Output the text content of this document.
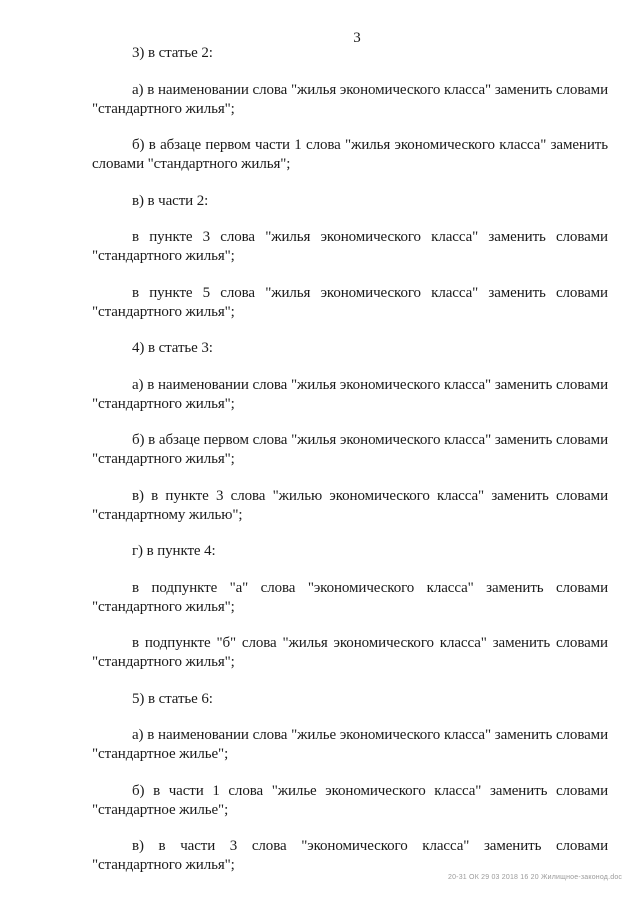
3

3) в статье 2:

а) в наименовании слова "жилья экономического класса" заменить словами "стандартного жилья";

б) в абзаце первом части 1 слова "жилья экономического класса" заменить словами "стандартного жилья";

в) в части 2:

в пункте 3 слова "жилья экономического класса" заменить словами "стандартного жилья";

в пункте 5 слова "жилья экономического класса" заменить словами "стандартного жилья";

4) в статье 3:

а) в наименовании слова "жилья экономического класса" заменить словами "стандартного жилья";

б) в абзаце первом слова "жилья экономического класса" заменить словами "стандартного жилья";

в) в пункте 3 слова "жилью экономического класса" заменить словами "стандартному жилью";

г) в пункте 4:

в подпункте "а" слова "экономического класса" заменить словами "стандартного жилья";

в подпункте "б" слова "жилья экономического класса" заменить словами "стандартного жилья";

5) в статье 6:

а) в наименовании слова "жилье экономического класса" заменить словами "стандартное жилье";

б) в части 1 слова "жилье экономического класса" заменить словами "стандартное жилье";

в) в части 3 слова "экономического класса" заменить словами "стандартного жилья";

20-31 ОК 29 03 2018 16 20 Жилищное-законод.doc
